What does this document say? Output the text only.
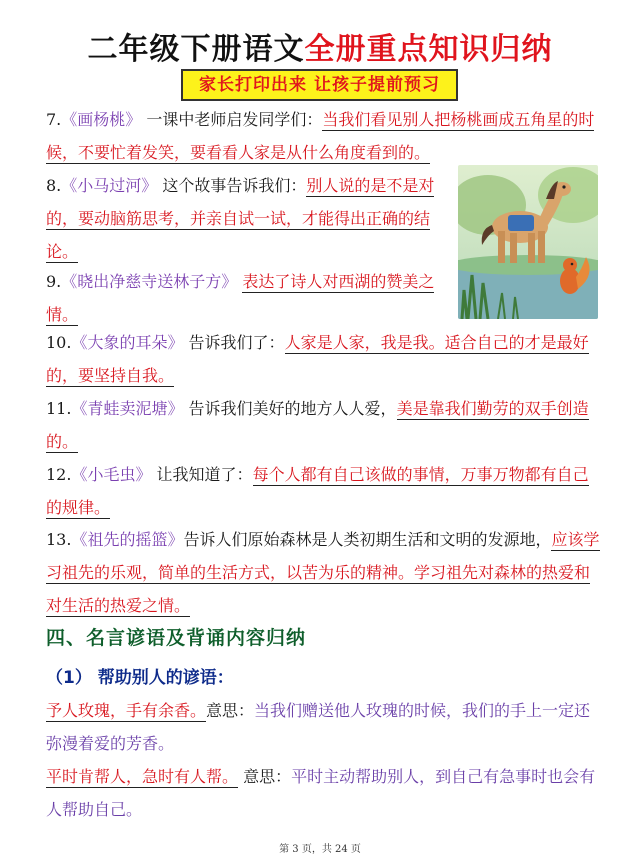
二年级下册语文全册重点知识归纳
家长打印出来 让孩子提前预习
7.《画杨桃》 一课中老师启发同学们：当我们看见别人把杨桃画成五角星的时候，不要忙着发笑，要看看人家是从什么角度看到的。
8.《小马过河》 这个故事告诉我们：别人说的是不是对的，要动脑筋思考，并亲自试一试，才能得出正确的结论。
9.《晓出净慈寺送林子方》 表达了诗人对西湖的赞美之情。
10.《大象的耳朵》 告诉我们了：人家是人家，我是我。适合自己的才是最好的，要坚持自我。
11.《青蛙卖泥塘》 告诉我们美好的地方人人爱，美是靠我们勤劳的双手创造的。
12.《小毛虫》 让我知道了：每个人都有自己该做的事情，万事万物都有自己的规律。
13.《祖先的摇篮》告诉人们原始森林是人类初期生活和文明的发源地，应该学习祖先的乐观，简单的生活方式，以苦为乐的精神。学习祖先对森林的热爱和对生活的热爱之情。
四、名言谚语及背诵内容归纳
（1） 帮助别人的谚语：
予人玫瑰，手有余香。意思：当我们赠送他人玫瑰的时候，我们的手上一定还弥漫着爱的芳香。
平时肯帮人，急时有人帮。 意思：平时主动帮助别人，到自己有急事时也会有人帮助自己。
第 3 页，共 24 页
